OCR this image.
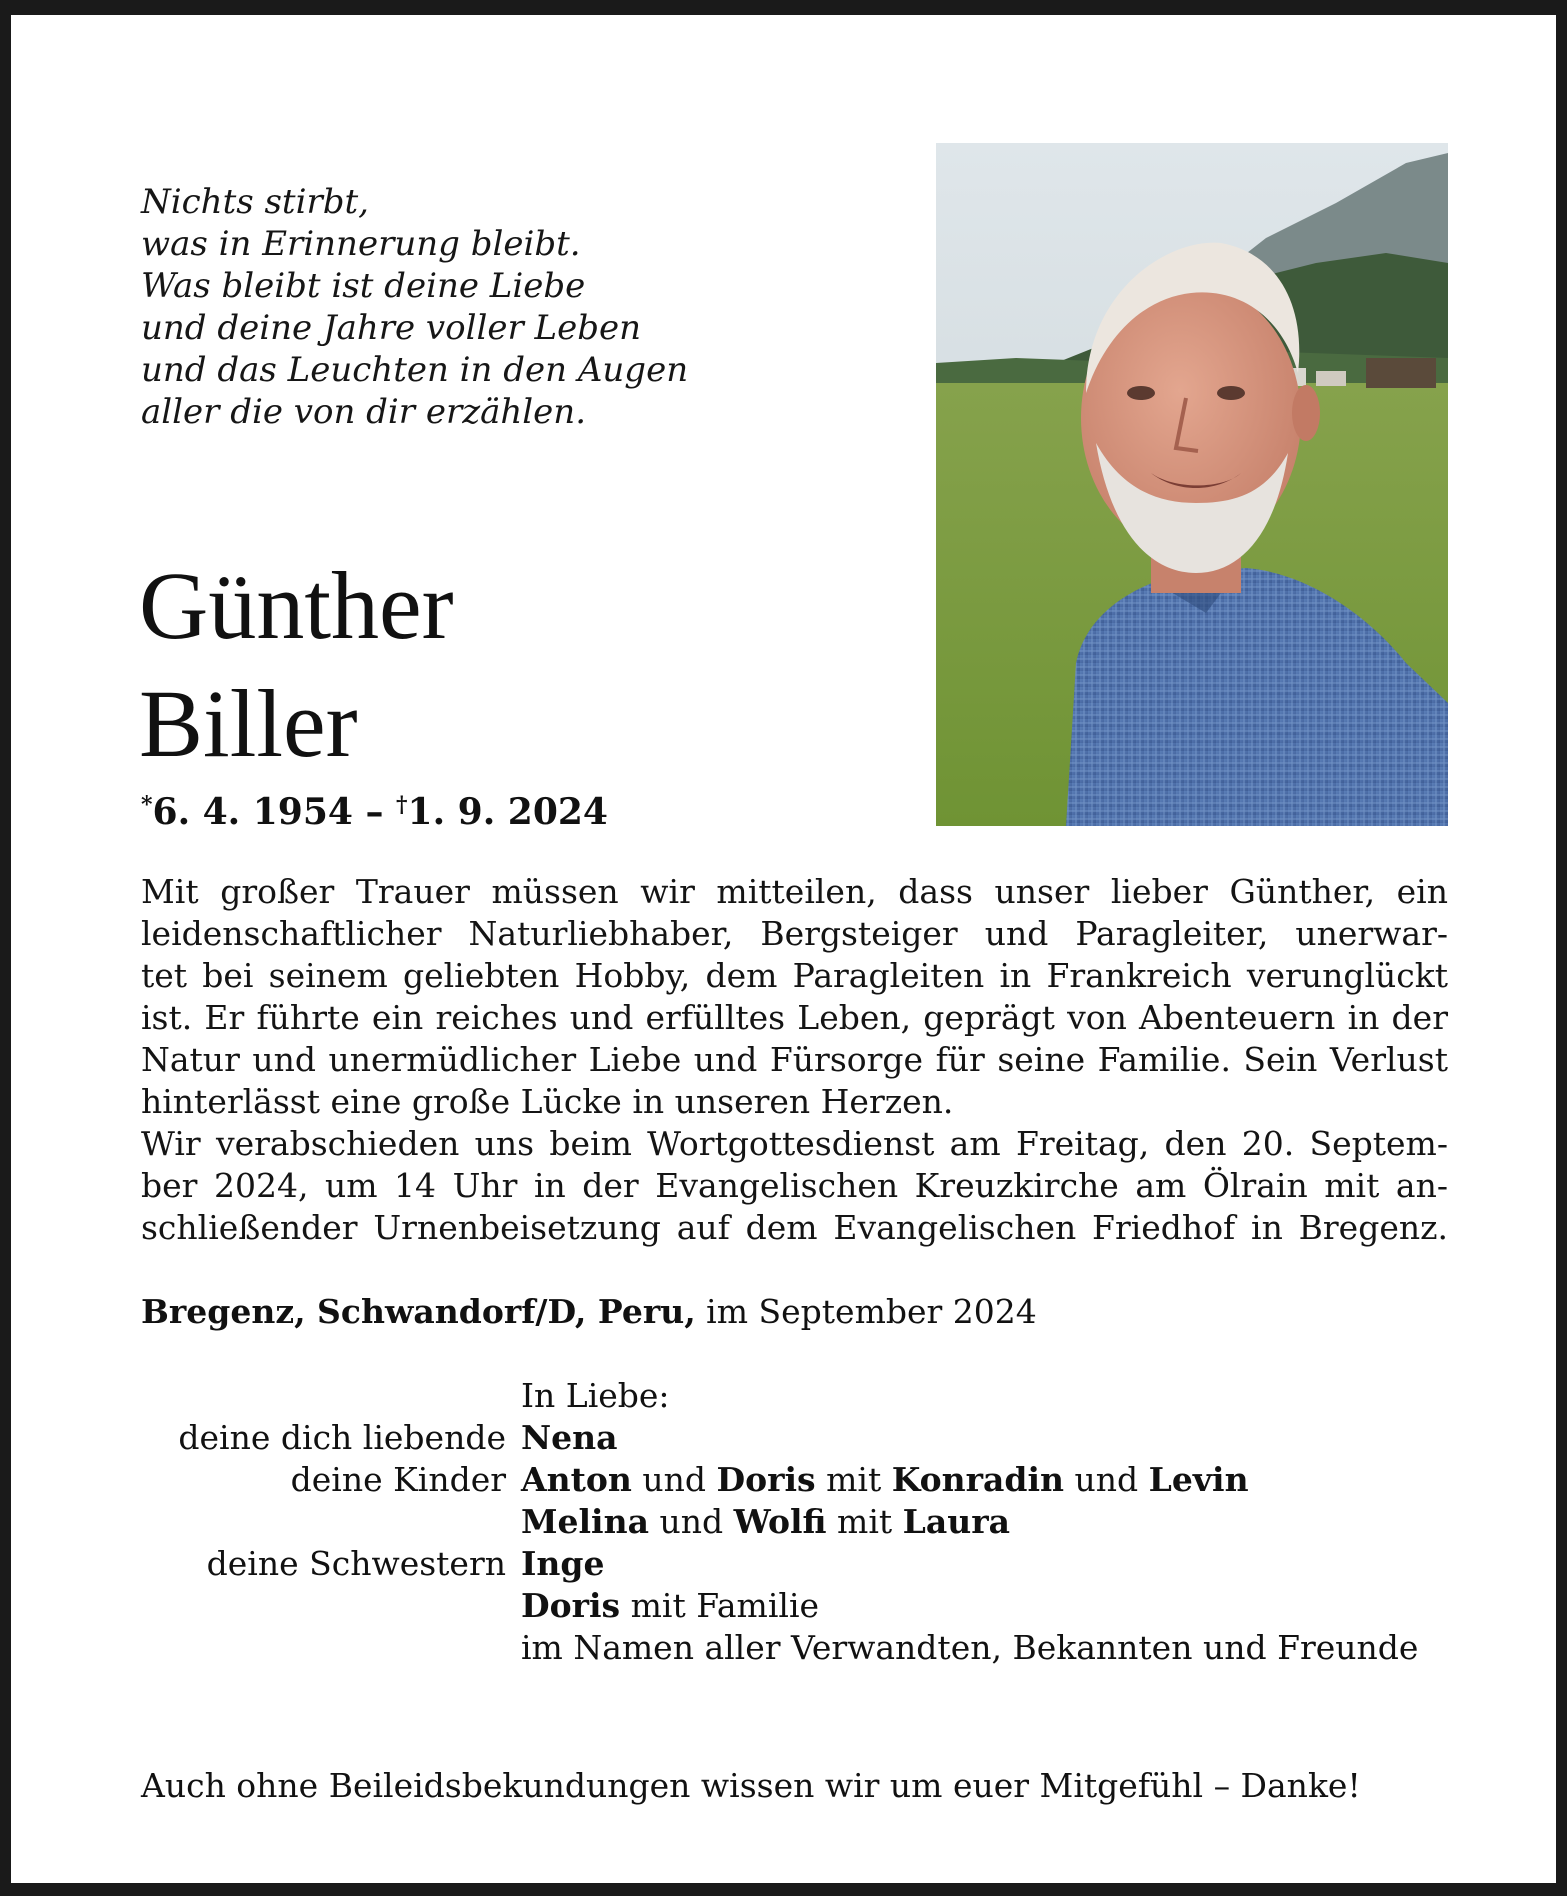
Nichts stirbt,
was in Erinnerung bleibt.
Was bleibt ist deine Liebe
und deine Jahre voller Leben
und das Leuchten in den Augen
aller die von dir erzählen.
Günther
Biller
*6. 4. 1954 – †1. 9. 2024
Mit großer Trauer müssen wir mitteilen, dass unser lieber Günther, ein
leidenschaftlicher Naturliebhaber, Bergsteiger und Paragleiter, unerwar-
tet bei seinem geliebten Hobby, dem Paragleiten in Frankreich verunglückt
ist. Er führte ein reiches und erfülltes Leben, geprägt von Abenteuern in der
Natur und unermüdlicher Liebe und Fürsorge für seine Familie. Sein Verlust
hinterlässt eine große Lücke in unseren Herzen.
Wir verabschieden uns beim Wortgottesdienst am Freitag, den 20. Septem-
ber 2024, um 14 Uhr in der Evangelischen Kreuzkirche am Ölrain mit an-
schließender Urnenbeisetzung auf dem Evangelischen Friedhof in Bregenz.
Bregenz, Schwandorf/D, Peru, im September 2024
In Liebe:
deine dich liebende Nena
deine Kinder Anton und Doris mit Konradin und Levin
Melina und Wolfi mit Laura
deine Schwestern Inge
Doris mit Familie
im Namen aller Verwandten, Bekannten und Freunde
Auch ohne Beileidsbekundungen wissen wir um euer Mitgefühl – Danke!
